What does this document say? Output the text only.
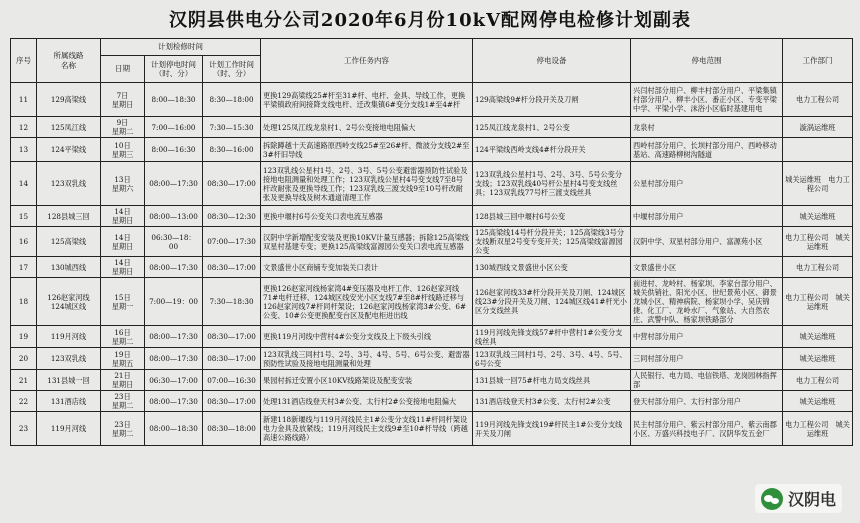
汉阴县供电分公司2020年6月份10kV配网停电检修计划副表
序号	所属线路
名称	计划检修时间			工作任务内容	停电设备	停电范围	工作部门
		日期	计划停电时间
（时、分）	计划工作时间
（时、分）				
11	129高梁线	7日
星期日	8:00—18:30	8:30—18:00	更换129高梁线25#杆至31#杆、电杆、金具、导线工作，更换平梁镇政府间接降支线电杆、迁改集镇6#变分支线1#至4#杆	129高梁线9#杆分段开关及刀闸	兴闫村部分用户、柳丰村部分用户、平梁集镇村部分用户、柳丰小区、番正小区、专变平梁中学、平梁小学、沫浴小区临时基建用电	电力工程公司
12	125凤江线	9日
星期二	7:00—16:00	7:30—15:30	处理125凤江线龙泉村1、2号公变接地电阻偏大	125凤江线龙泉村1、2号公变	龙泉村	漩涡运维班
13	124平梁线	10日
星期三	8:00—16:30	8:30—16:00	拆除蹲越十天高速路原西岭支线25#至26#杆、微波分支线2#至3#杆旧导线	124平梁线西岭支线4#杆分段开关	西岭村部分用户、长坝村部分用户、西岭移动基站、高速路柳树沟隧道	
14	123双乳线	13日
星期六	08:00—17:30	08:30—17:00	123双乳线公星村1号、2号、3号、5号公变避雷器预防性试验及接地电阻测量和处理工作；123双乳线公星村4号变支线7至8号杆改耐张及更换导线工作；123双乳线三渡支线9至10号杆改耐张及更换导线及树木通道清理工作	123双乳线公星村1号、2号、3号、5号公变分支线；123双乳线40号杆公星村4号变支线丝具；123双乳线77号杆三渡支线丝具	公星村部分用户	城关运维班　电力工程公司
15	128县城三回	14日
星期日	08:00—13:00	08:30—12:30	更换中堰村6号公变关口表电流互感器	128县城三回中堰村6号公变	中堰村部分用户	城关运维班
16	125高梁线	14日
星期日	06:30—18：00	07:00—17:30	汉阴中学新增配变安装及更换10KV计量互感器；拆除125高梁线双星村基建专变；更换125高梁线富源园公变关口表电流互感器	125高梁线14号杆分段开关；125高梁线3号分支线断双星2号变专变开关；125高梁线富源园公变	汉阴中学、双星村部分用户、富源苑小区	电力工程公司　城关运维班
17	130城西线	14日
星期日	08:00—17:30	08:30—17:00	文景盛世小区商铺专变加装关口表计	130城西线文景盛世小区公变	文景盛世小区	电力工程公司
18	126赵家河线
124城区线	15日
星期一	7:00—19：00	7:30—18:30	更换126赵家河线杨家湾4#变压器及电杆工作、126赵家河线71#电杆迁移、124城区线安光小区支线7#至8#杆线路迁移与126赵家河线7#杆同杆架设；126赵家河线杨家湾3#公变、6#公变、10#公变更换配变台区及配电柜进出线	126赵家河线33#杆分段开关及刀闸、124城区线23#分段开关及刀闸、124城区线41#杆光小区分支线丝具	前进村、龙岭村、杨家坝、李家台部分用户、城关供销社、阳光小区、世纪景苑小区、御景龙城小区、精神病院、杨家坝小学、吴庆锦捷、化工厂、龙岭水厂、气象站、大自然农庄、武警中队、杨家坝铁路部分	电力工程公司　城关运维班
19	119月河线	16日
星期二	08:00—17:30	08:30—17:00	更换119月河线中营村4#公变分支线及上下级头引线	119月河线先锋支线57#杆中营村1#公变分支线丝具	中营村部分用户	城关运维班
20	123双乳线	19日
星期五	08:00—17:30	08:30—17:00	123双乳线三同村1号、2号、3号、4号、5号、6号公变、避雷器预防性试验及接地电阻测量和处理	123双乳线三同村1号、2号、3号、4号、5号、6号公变	三同村部分用户	城关运维班
21	131县城一回	21日
星期日	06:30—17:00	07:00—16:30	果园村拆迁安置小区10KV线路架设及配变安装	131县城一回75#杆电力局支线丝具	人民银行、电力局、电信铁塔、龙岗园林指挥部	电力工程公司
22	131酒店线	23日
星期二	08:00—17:30	08:30—17:00	处理131酒店线登天村3#公变、太行村2#公变接地电阻偏大	131酒店线登天村3#公变、太行村2#公变	登天村部分用户、太行村部分用户	城关运维班
23	119月河线	23日
星期二	08:00—18:30	08:30—18:00	新建118新堰线与119月河线民主1#公变分支线11#杆同杆架设电力金具及放紧线；119月河线民主支线9#至10#杆导线（跨越高速公路线路）	119月河线先锋支线19#杆民主1#公变分支线开关及刀闸	民主村部分用户、紫云村部分用户、紫云南郡小区、万盛兴科技电子厂、汉阴华发五金厂	电力工程公司　城关运维班
汉阴电
